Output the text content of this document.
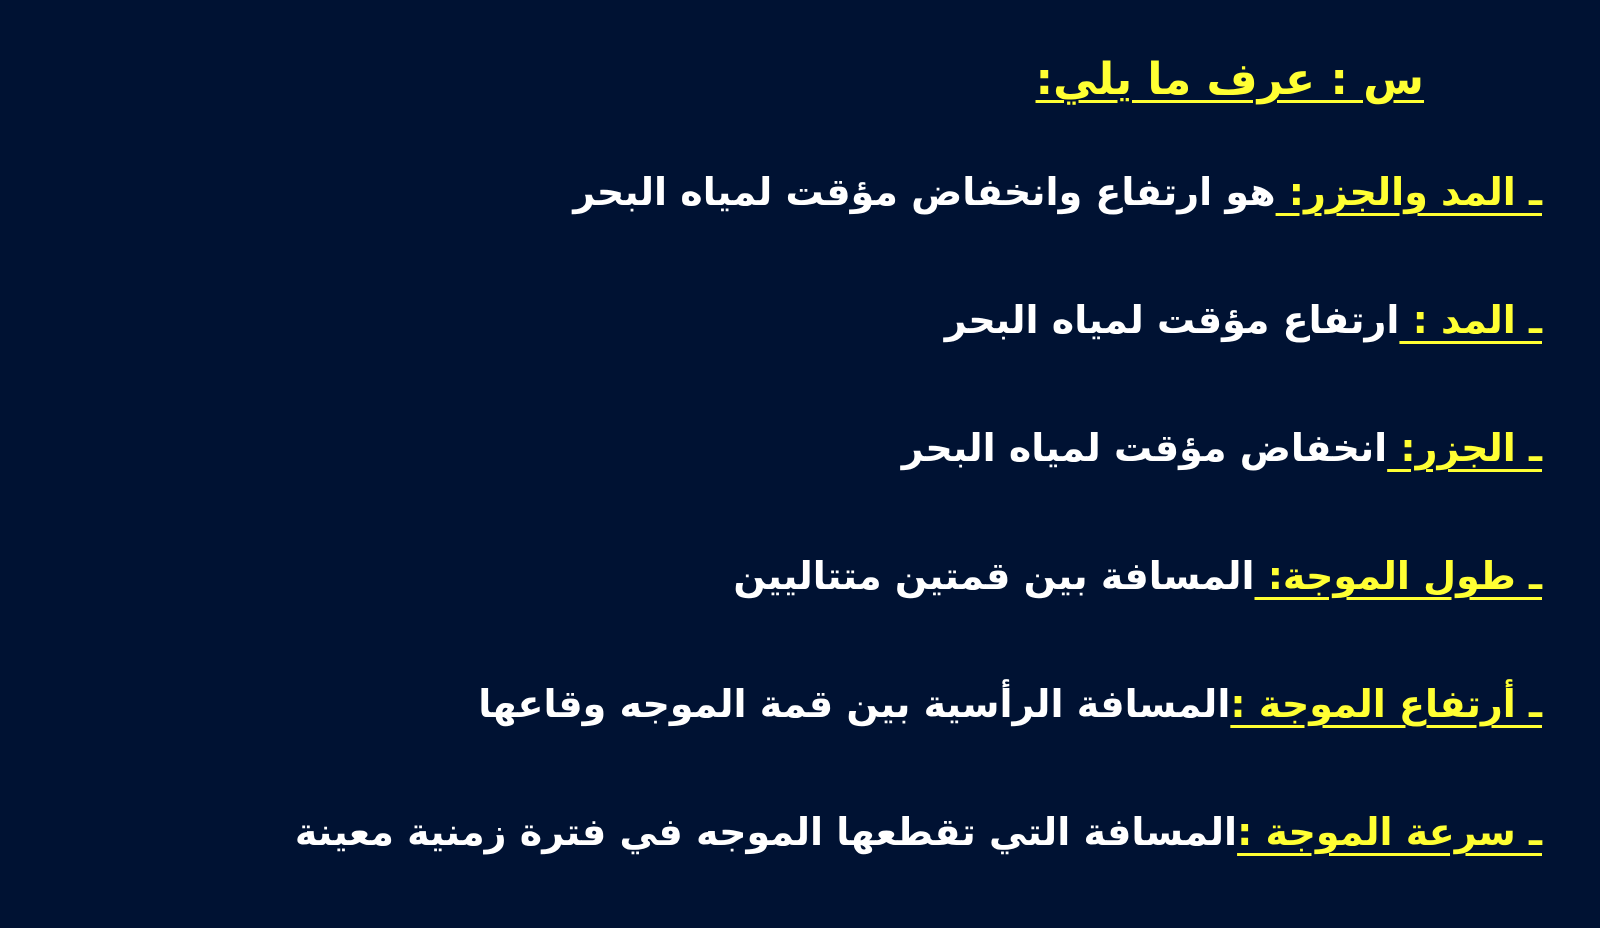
س : عرف ما يلي:
ـ المد والجزر: هو ارتفاع وانخفاض مؤقت لمياه البحر
ـ المد : ارتفاع مؤقت لمياه البحر
ـ الجزر: انخفاض مؤقت لمياه البحر
ـ طول الموجة: المسافة بين قمتين متتاليين
ـ أرتفاع الموجة :المسافة الرأسية بين قمة الموجه وقاعها
ـ سرعة الموجة :المسافة التي تقطعها الموجه في فترة زمنية معينة
